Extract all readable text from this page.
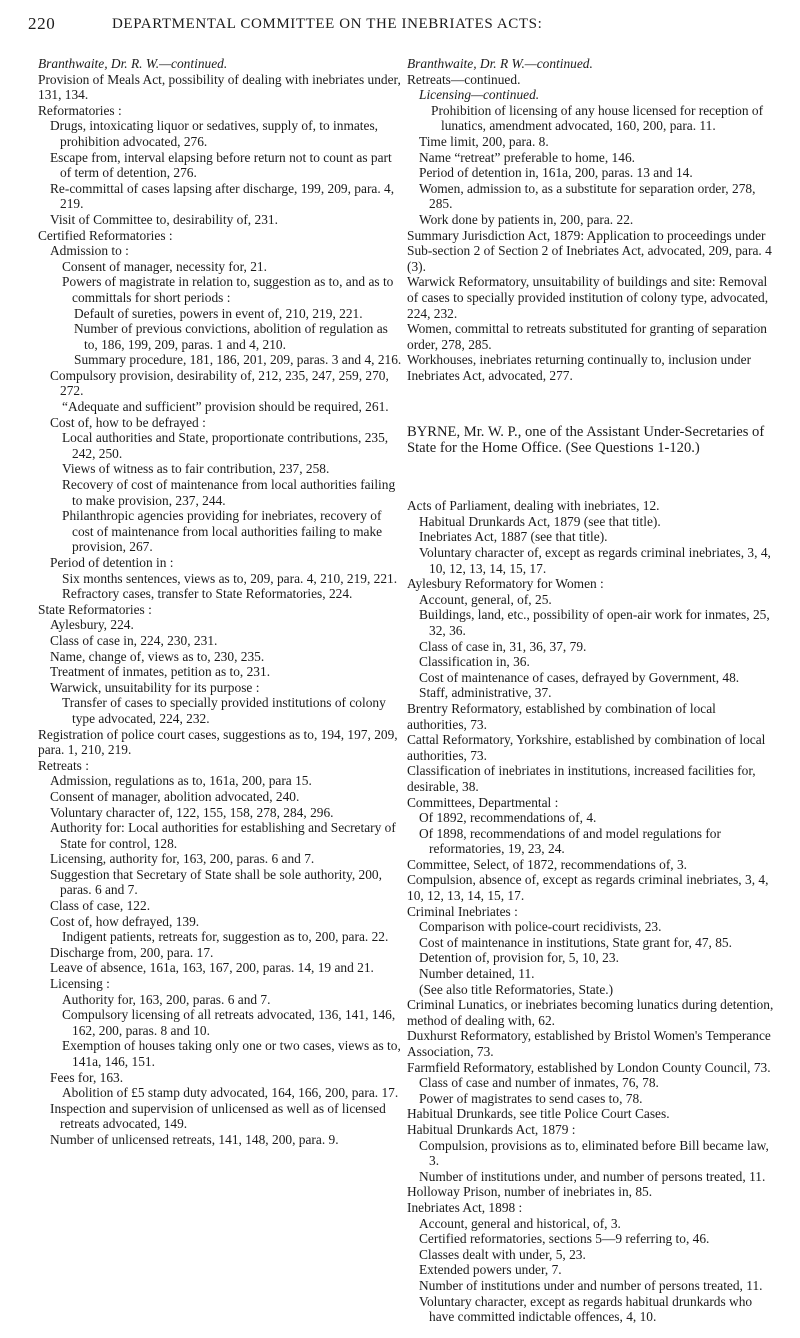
220	DEPARTMENTAL COMMITTEE ON THE INEBRIATES ACTS:

Branthwaite, Dr. R. W.—continued.

Provision of Meals Act, possibility of dealing with inebriates under, 131, 134.

Reformatories :

Drugs, intoxicating liquor or sedatives, supply of, to inmates, prohibition advocated, 276.

Escape from, interval elapsing before return not to count as part of term of detention, 276.

Re-committal of cases lapsing after discharge, 199, 209, para. 4, 219.

Visit of Committee to, desirability of, 231.

Certified Reformatories :

Admission to :

Consent of manager, necessity for, 21.

Powers of magistrate in relation to, suggestion as to, and as to committals for short periods :

Default of sureties, powers in event of, 210, 219, 221.

Number of previous convictions, abolition of regulation as to, 186, 199, 209, paras. 1 and 4, 210.

Summary procedure, 181, 186, 201, 209, paras. 3 and 4, 216.

Compulsory provision, desirability of, 212, 235, 247, 259, 270, 272.

“Adequate and sufficient” provision should be required, 261.

Cost of, how to be defrayed :

Local authorities and State, proportionate contributions, 235, 242, 250.

Views of witness as to fair contribution, 237, 258.

Recovery of cost of maintenance from local authorities failing to make provision, 237, 244.

Philanthropic agencies providing for inebriates, recovery of cost of maintenance from local authorities failing to make provision, 267.

Period of detention in :

Six months sentences, views as to, 209, para. 4, 210, 219, 221.

Refractory cases, transfer to State Reformatories, 224.

State Reformatories :

Aylesbury, 224.

Class of case in, 224, 230, 231.

Name, change of, views as to, 230, 235.

Treatment of inmates, petition as to, 231.

Warwick, unsuitability for its purpose :

Transfer of cases to specially provided institutions of colony type advocated, 224, 232.

Registration of police court cases, suggestions as to, 194, 197, 209, para. 1, 210, 219.

Retreats :

Admission, regulations as to, 161a, 200, para 15.

Consent of manager, abolition advocated, 240.

Voluntary character of, 122, 155, 158, 278, 284, 296.

Authority for: Local authorities for establishing and Secretary of State for control, 128.

Licensing, authority for, 163, 200, paras. 6 and 7.

Suggestion that Secretary of State shall be sole authority, 200, paras. 6 and 7.

Class of case, 122.

Cost of, how defrayed, 139.

Indigent patients, retreats for, suggestion as to, 200, para. 22.

Discharge from, 200, para. 17.

Leave of absence, 161a, 163, 167, 200, paras. 14, 19 and 21.

Licensing :

Authority for, 163, 200, paras. 6 and 7.

Compulsory licensing of all retreats advocated, 136, 141, 146, 162, 200, paras. 8 and 10.

Exemption of houses taking only one or two cases, views as to, 141a, 146, 151.

Fees for, 163.

Abolition of £5 stamp duty advocated, 164, 166, 200, para. 17.

Inspection and supervision of unlicensed as well as of licensed retreats advocated, 149.

Number of unlicensed retreats, 141, 148, 200, para. 9.

Branthwaite, Dr. R W.—continued.

Retreats—continued.

Licensing—continued.

Prohibition of licensing of any house licensed for reception of lunatics, amendment advocated, 160, 200, para. 11.

Time limit, 200, para. 8.

Name “retreat” preferable to home, 146.

Period of detention in, 161a, 200, paras. 13 and 14.

Women, admission to, as a substitute for separation order, 278, 285.

Work done by patients in, 200, para. 22.

Summary Jurisdiction Act, 1879: Application to proceedings under Sub-section 2 of Section 2 of Inebriates Act, advocated, 209, para. 4 (3).

Warwick Reformatory, unsuitability of buildings and site: Removal of cases to specially provided institution of colony type, advocated, 224, 232.

Women, committal to retreats substituted for granting of separation order, 278, 285.

Workhouses, inebriates returning continually to, inclusion under Inebriates Act, advocated, 277.

BYRNE, Mr. W. P., one of the Assistant Under-Secretaries of State for the Home Office. (See Questions 1-120.)

Acts of Parliament, dealing with inebriates, 12.

Habitual Drunkards Act, 1879 (see that title).

Inebriates Act, 1887 (see that title).

Voluntary character of, except as regards criminal inebriates, 3, 4, 10, 12, 13, 14, 15, 17.

Aylesbury Reformatory for Women :

Account, general, of, 25.

Buildings, land, etc., possibility of open-air work for inmates, 25, 32, 36.

Class of case in, 31, 36, 37, 79.

Classification in, 36.

Cost of maintenance of cases, defrayed by Government, 48.

Staff, administrative, 37.

Brentry Reformatory, established by combination of local authorities, 73.

Cattal Reformatory, Yorkshire, established by combination of local authorities, 73.

Classification of inebriates in institutions, increased facilities for, desirable, 38.

Committees, Departmental :

Of 1892, recommendations of, 4.

Of 1898, recommendations of and model regulations for reformatories, 19, 23, 24.

Committee, Select, of 1872, recommendations of, 3.

Compulsion, absence of, except as regards criminal inebriates, 3, 4, 10, 12, 13, 14, 15, 17.

Criminal Inebriates :

Comparison with police-court recidivists, 23.

Cost of maintenance in institutions, State grant for, 47, 85.

Detention of, provision for, 5, 10, 23.

Number detained, 11.

(See also title Reformatories, State.)

Criminal Lunatics, or inebriates becoming lunatics during detention, method of dealing with, 62.

Duxhurst Reformatory, established by Bristol Women's Temperance Association, 73.

Farmfield Reformatory, established by London County Council, 73.

Class of case and number of inmates, 76, 78.

Power of magistrates to send cases to, 78.

Habitual Drunkards, see title Police Court Cases.

Habitual Drunkards Act, 1879 :

Compulsion, provisions as to, eliminated before Bill became law, 3.

Number of institutions under, and number of persons treated, 11.

Holloway Prison, number of inebriates in, 85.

Inebriates Act, 1898 :

Account, general and historical, of, 3.

Certified reformatories, sections 5—9 referring to, 46.

Classes dealt with under, 5, 23.

Extended powers under, 7.

Number of institutions under and number of persons treated, 11.

Voluntary character, except as regards habitual drunkards who have committed indictable offences, 4, 10.
